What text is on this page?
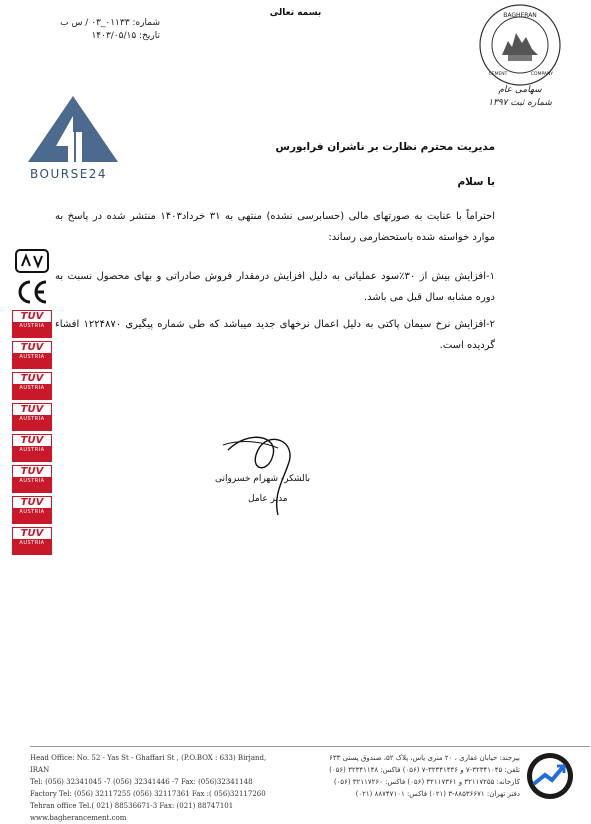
بسمه تعالی
شماره: ۰۱۱۳۳_۰۳ / س ب
تاریخ: ۱۴۰۳/۰۵/۱۵
BAGHERAN
CEMENT	COMPANY
سهامی عام
شماره ثبت ۱۳۹۷
BOURSE24
مدیریت محترم نظارت بر ناشران فرابورس
با سلام
احتراماً با عنایت به صورتهای مالی (حسابرسی نشده) منتهی به ۳۱ خرداد۱۴۰۳ منتشر شده در پاسخ به موارد خواسته شده باستحضارمی رساند:
۱-افزایش بیش از ۳۰٪سود عملیاتی به دلیل افزایش درمقدار فروش صادراتی و بهای محصول نسبت به دوره مشابه سال قبل می باشد.
۲-افزایش نرخ سیمان پاکتی به دلیل اعمال نرخهای جدید میباشد که طی شماره پیگیری ۱۲۲۴۸۷۰ افشاء گردیده است.

TÜV
AUSTRIA
TÜV
AUSTRIA
TÜV
AUSTRIA
TÜV
AUSTRIA
TÜV
AUSTRIA
TÜV
AUSTRIA
TÜV
AUSTRIA
TÜV
AUSTRIA
بالشکر- شهرام خسروانی
مدیر عامل
Head Office: No. 52 - Yas St - Ghaffari St , (P.O.BOX : 633) Birjand, IRAN
Tel: (056) 32341045 -7 (056) 32341446 -7 Fax: (056)32341148
Factory Tel: (056) 32117255 (056) 32117361 Fax :( 056)32117260
Tehran office Tel.( 021) 88536671-3 Fax: (021) 88747101
www.bagherancement.com
بیرجند: خیابان غفاری ، ۲۰ متری یاس، پلاک ۵۲، صندوق پستی ۶۳۳
تلفن: ۳۲۳۴۱۰۴۵-۷ و ۳۲۳۴۱۴۴۶-۷ (۰۵۶) فاکس: ۳۲۳۴۱۱۴۸ (۰۵۶)
کارخانه: ۳۲۱۱۷۲۵۵ و ۳۲۱۱۷۳۶۱ (۰۵۶) فاکس: ۳۲۱۱۷۲۶۰ (۰۵۶)
دفتر تهران: ۸۸۵۳۶۶۷۱-۳ (۰۲۱) فاکس: ۸۸۷۴۷۱۰۱ (۰۲۱)
